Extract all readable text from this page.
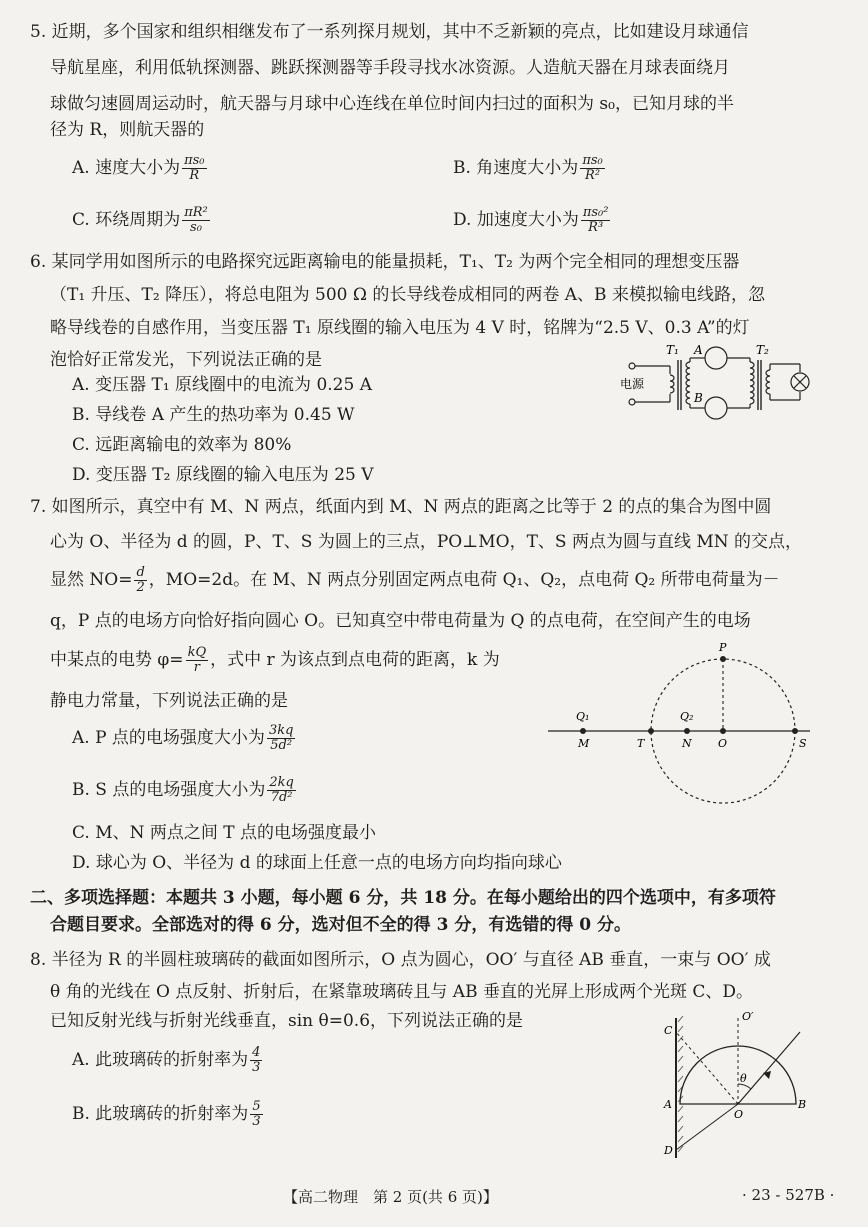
5. 近期，多个国家和组织相继发布了一系列探月规划，其中不乏新颖的亮点，比如建设月球通信
导航星座，利用低轨探测器、跳跃探测器等手段寻找水冰资源。人造航天器在月球表面绕月
球做匀速圆周运动时，航天器与月球中心连线在单位时间内扫过的面积为 s₀，已知月球的半
径为 R，则航天器的
A. 速度大小为 $\frac{\text{πs₀}}{R}$	B. 角速度大小为 $\frac{\text{πs₀}}{\text{R²}}$
C. 环绕周期为 $\frac{\text{πR²}}{\text{s₀}}$	D. 加速度大小为 $\frac{\text{πs₀²}}{\text{R³}}$
6. 某同学用如图所示的电路探究远距离输电的能量损耗，T₁、T₂ 为两个完全相同的理想变压器
（T₁ 升压、T₂ 降压），将总电阻为 500 Ω 的长导线卷成相同的两卷 A、B 来模拟输电线路，忽
略导线卷的自感作用，当变压器 T₁ 原线圈的输入电压为 4 V 时，铭牌为“2.5 V、0.3 A”的灯
泡恰好正常发光，下列说法正确的是
A. 变压器 T₁ 原线圈中的电流为 0.25 A
B. 导线卷 A 产生的热功率为 0.45 W
C. 远距离输电的效率为 80%
D. 变压器 T₂ 原线圈的输入电压为 25 V
电源
T₁ A
B
T₂
7. 如图所示，真空中有 M、N 两点，纸面内到 M、N 两点的距离之比等于 2 的点的集合为图中圆
心为 O、半径为 d 的圆，P、T、S 为圆上的三点，PO⊥MO，T、S 两点为圆与直线 MN 的交点，
显然 $NO= \frac{d}{2}$ ，MO=2d。在 M、N 两点分别固定两点电荷 Q₁、Q₂，点电荷 Q₂ 所带电荷量为－
q，P 点的电场方向恰好指向圆心 O。已知真空中带电荷量为 Q 的点电荷，在空间产生的电场
中某点的电势 $\varphi= \frac{kQ}{r}$ ，式中 r 为该点到点电荷的距离，k 为
静电力常量，下列说法正确的是
A. P 点的电场强度大小为 $\frac{3kq}{\text{5d²}}$
B. S 点的电场强度大小为 $\frac{2kq}{\text{7d²}}$
C. M、N 两点之间 T 点的电场强度最小
D. 球心为 O、半径为 d 的球面上任意一点的电场方向均指向球心
P
Q₁	Q₂
M	T	N O	S
二、多项选择题：本题共 3 小题，每小题 6 分，共 18 分。在每小题给出的四个选项中，有多项符
合题目要求。全部选对的得 6 分，选对但不全的得 3 分，有选错的得 0 分。
8. 半径为 R 的半圆柱玻璃砖的截面如图所示，O 点为圆心，OO′ 与直径 AB 垂直，一束与 OO′ 成
θ 角的光线在 O 点反射、折射后，在紧靠玻璃砖且与 AB 垂直的光屏上形成两个光斑 C、D。
已知反射光线与折射光线垂直，sin θ=0.6，下列说法正确的是
A. 此玻璃砖的折射率为 $\frac{4}{3}$
B. 此玻璃砖的折射率为 $\frac{5}{3}$
C
O′
θ
A
O
B
D
【高二物理　第 2 页(共 6 页)】	· 23 - 527B ·
